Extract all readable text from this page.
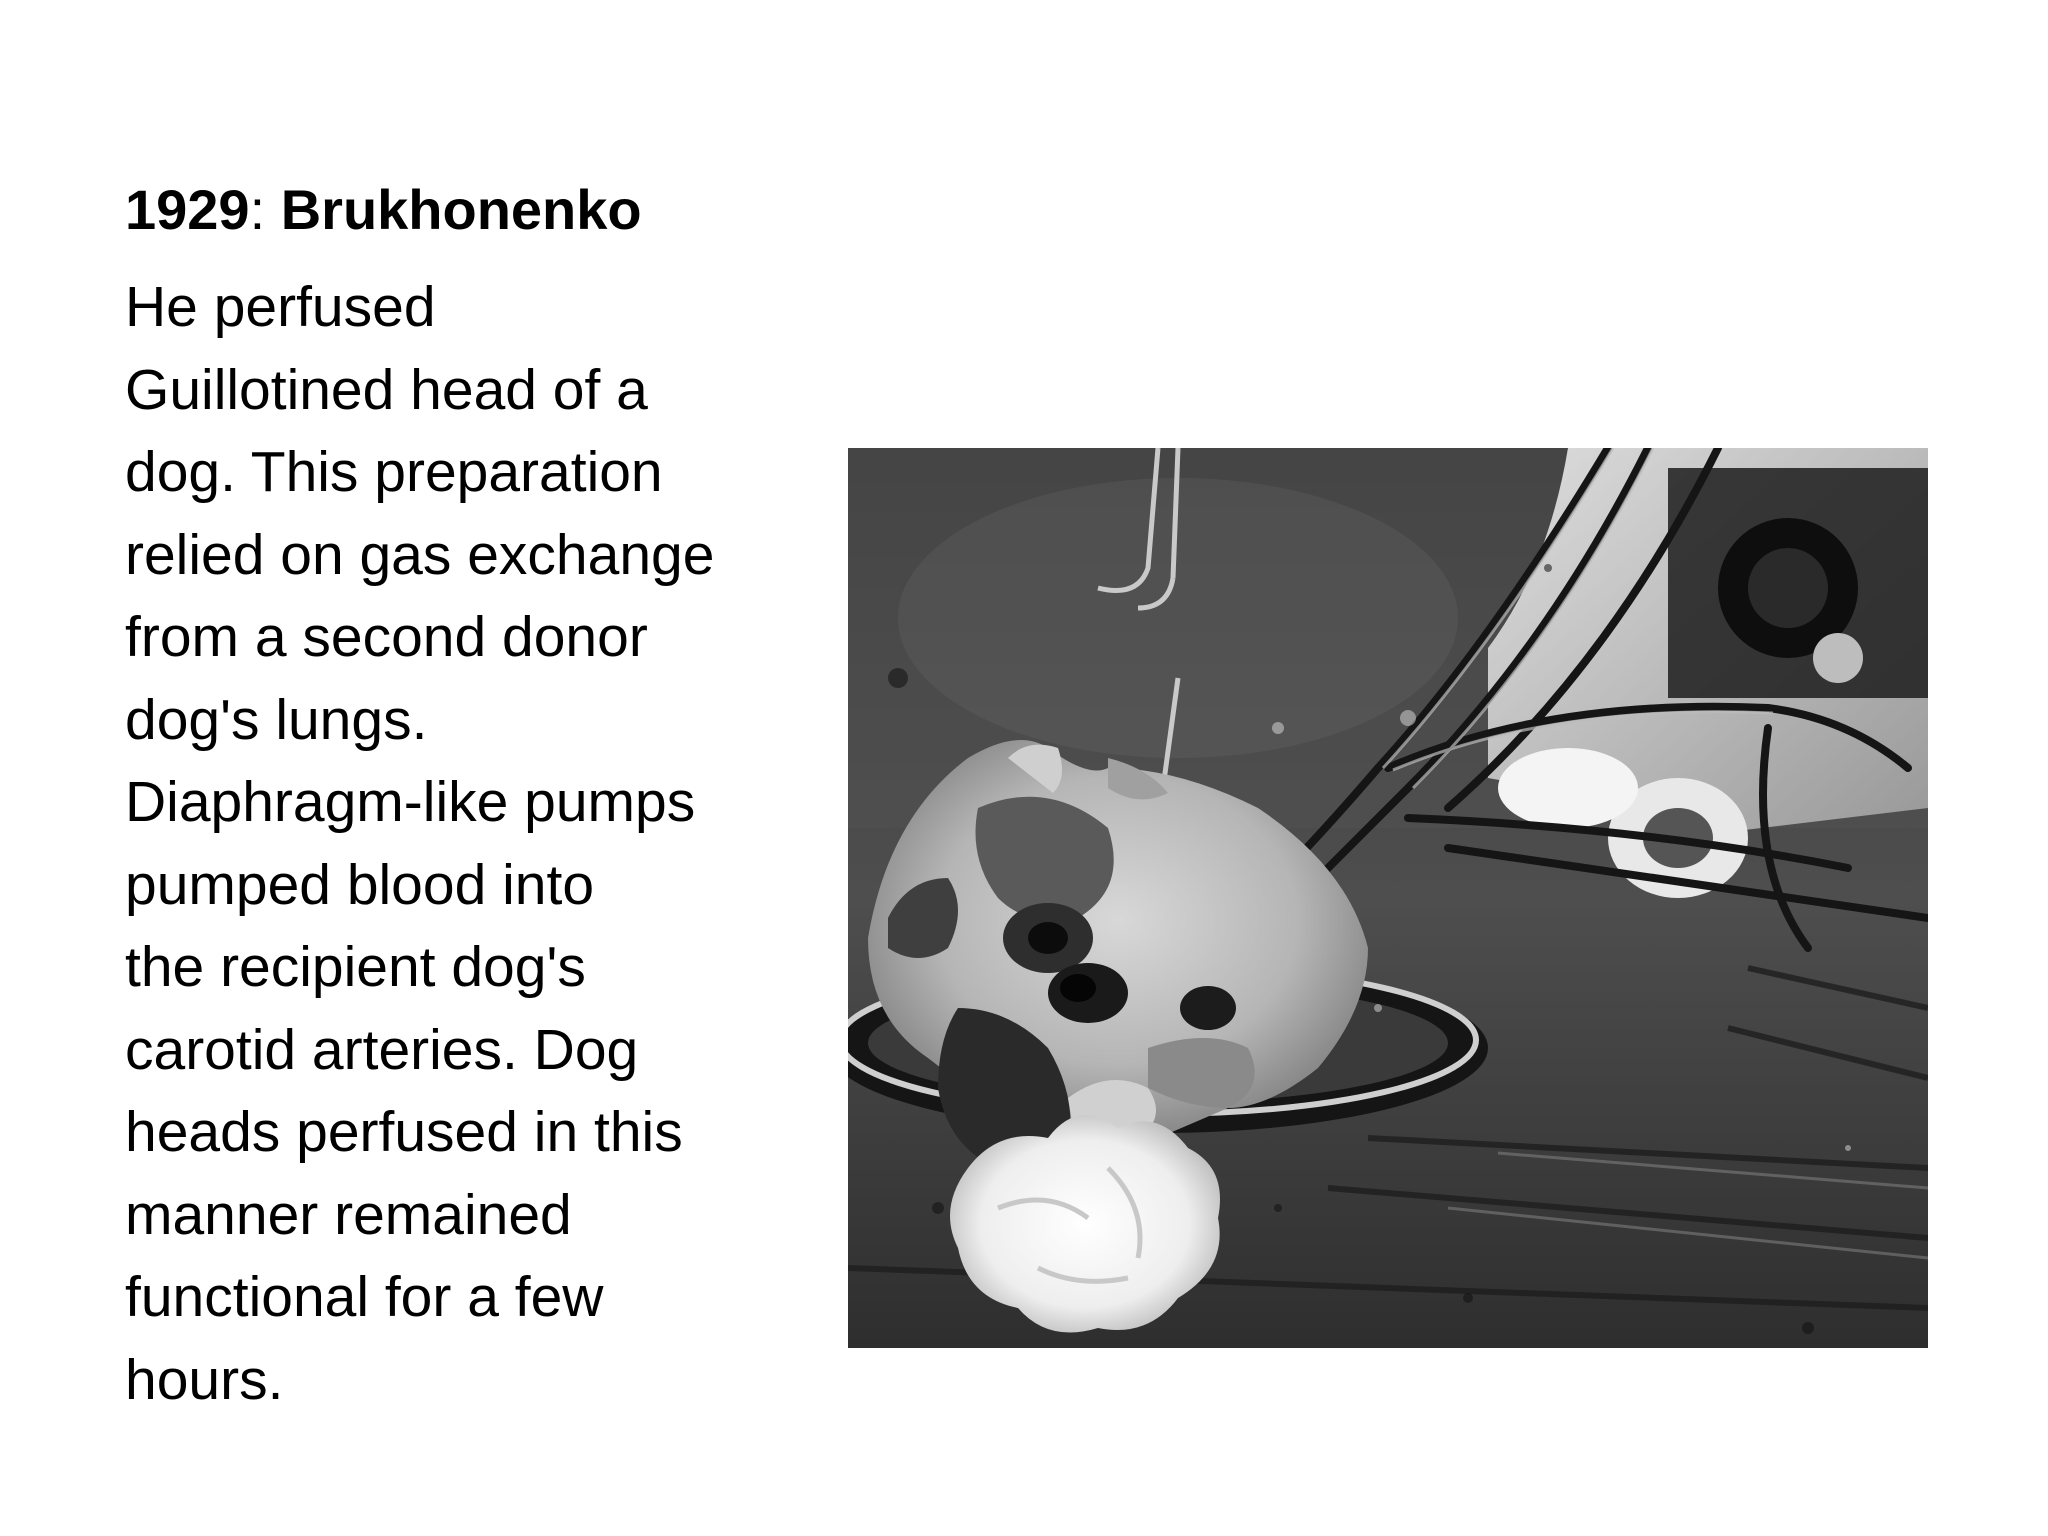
1929: Brukhonenko
He perfused
Guillotined head of a
dog. This preparation
relied on gas exchange
from a second donor
dog's lungs.
Diaphragm-like pumps
pumped blood into
the recipient dog's
carotid arteries. Dog
heads perfused in this
manner remained
functional for a few
hours.
